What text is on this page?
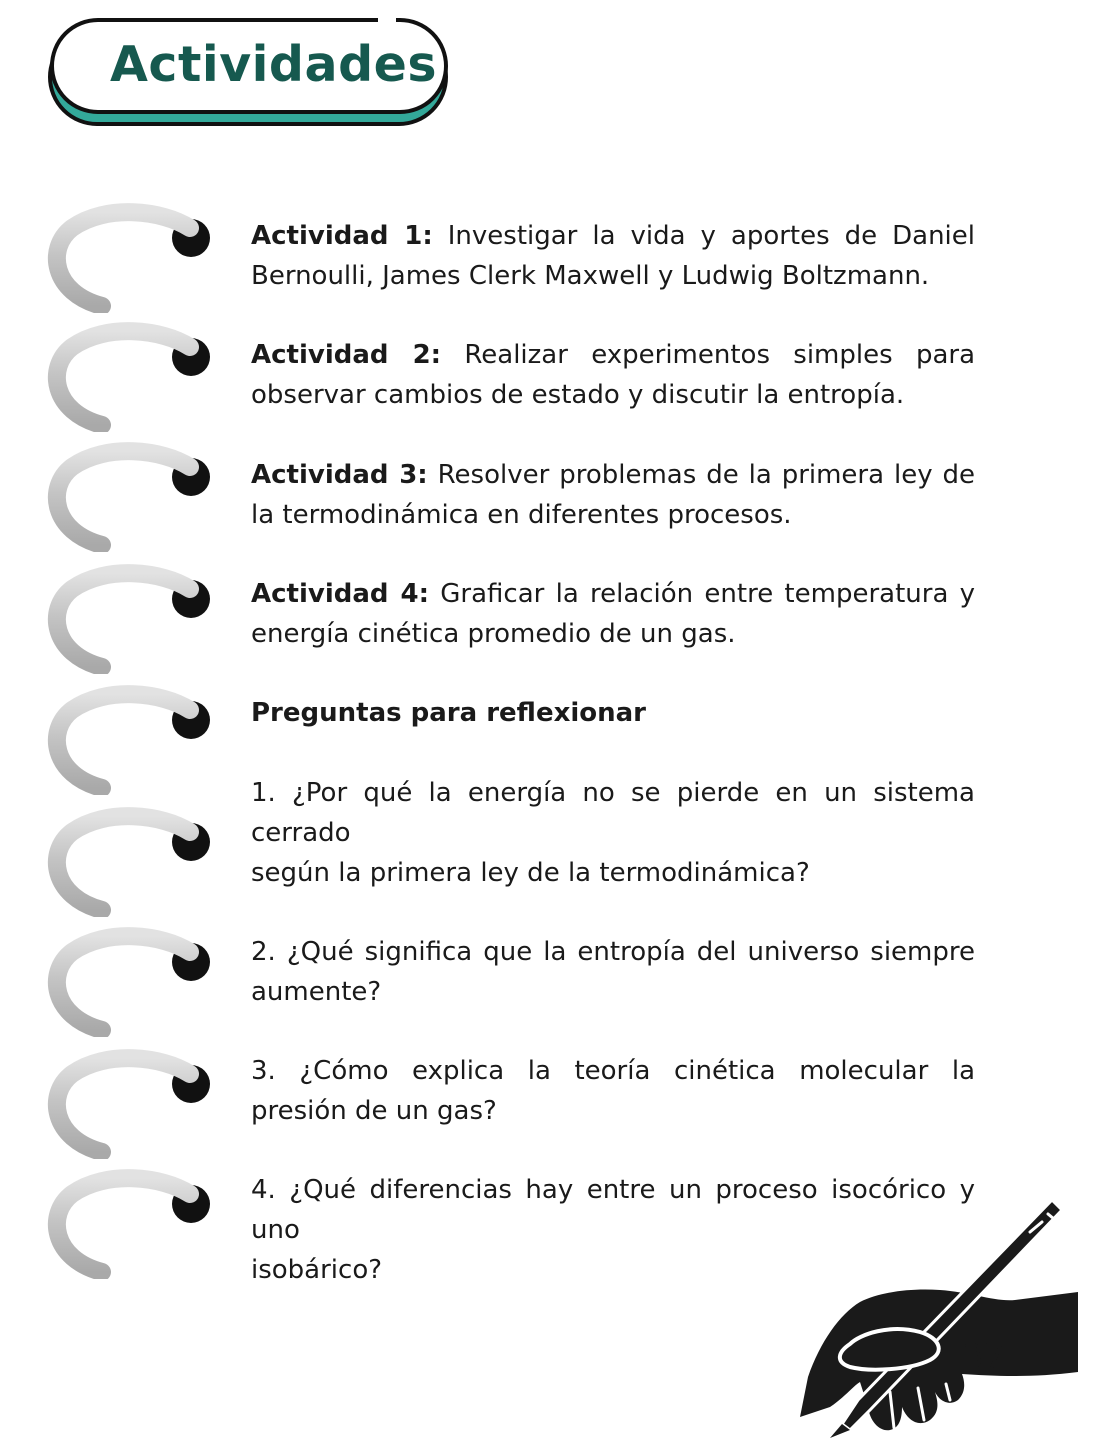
Actividades

Actividad 1: Investigar la vida y aportes de Daniel
Bernoulli, James Clerk Maxwell y Ludwig Boltzmann.

Actividad 2: Realizar experimentos simples para
observar cambios de estado y discutir la entropía.

Actividad 3: Resolver problemas de la primera ley de
la termodinámica en diferentes procesos.

Actividad 4: Graficar la relación entre temperatura y
energía cinética promedio de un gas.

Preguntas para reflexionar

1. ¿Por qué la energía no se pierde en un sistema
cerrado
según la primera ley de la termodinámica?

2. ¿Qué significa que la entropía del universo siempre
aumente?

3. ¿Cómo explica la teoría cinética molecular la
presión de un gas?

4. ¿Qué diferencias hay entre un proceso isocórico y
uno
isobárico?

37
